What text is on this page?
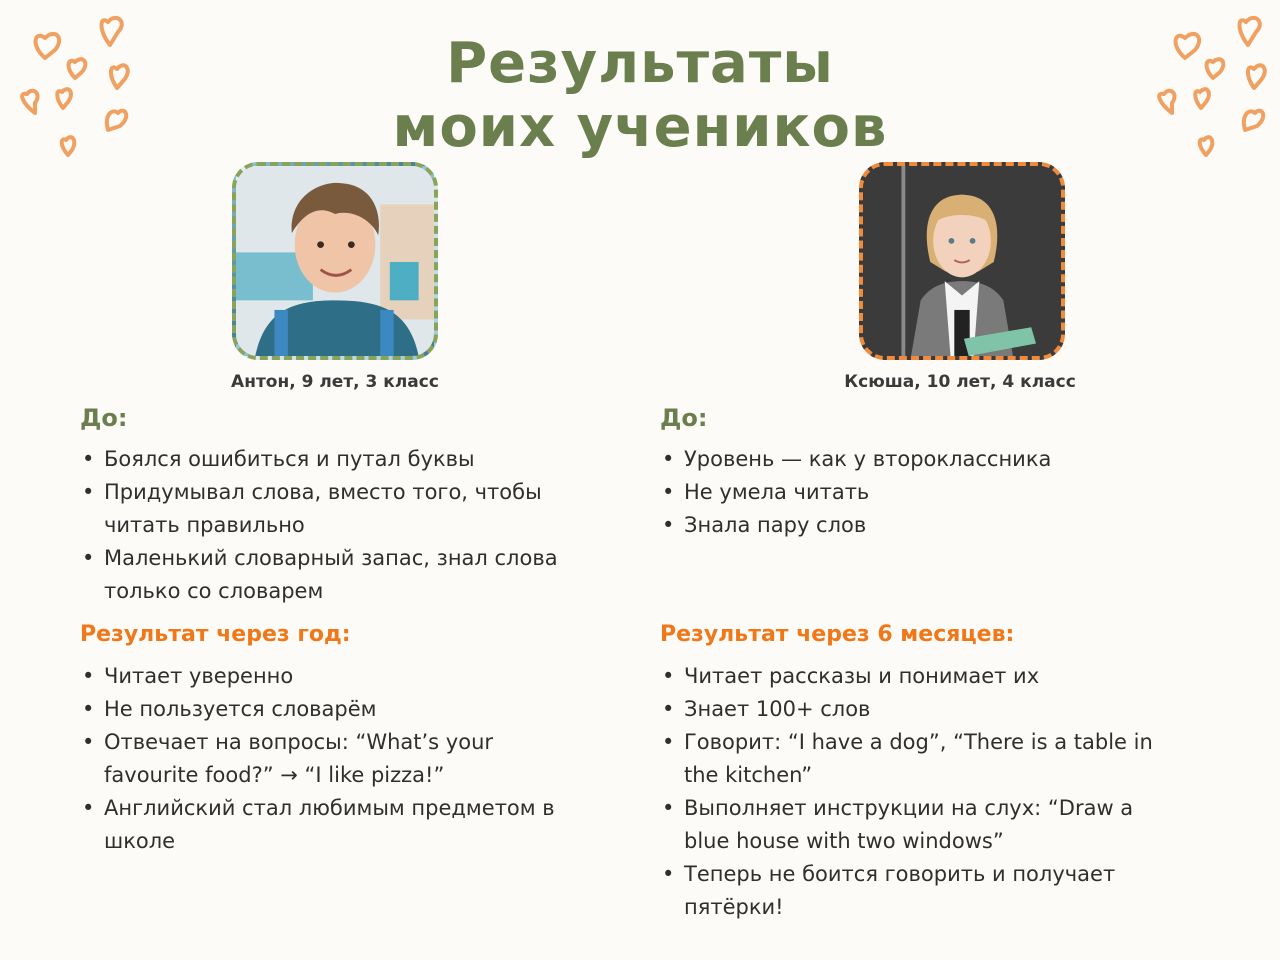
Результаты
моих учеников
Антон, 9 лет, 3 класс	Ксюша, 10 лет, 4 класс
До:
• Боялся ошибиться и путал буквы
• Придумывал слова, вместо того, чтобы читать правильно
• Маленький словарный запас, знал слова только со словарем
Результат через год:
• Читает уверенно
• Не пользуется словарём
• Отвечает на вопросы: “What’s your favourite food?” → “I like pizza!”
• Английский стал любимым предметом в школе
До:
• Уровень — как у второклассника
• Не умела читать
• Знала пару слов
Результат через 6 месяцев:
• Читает рассказы и понимает их
• Знает 100+ слов
• Говорит: “I have a dog”, “There is a table in the kitchen”
• Выполняет инструкции на слух: “Draw a blue house with two windows”
• Теперь не боится говорить и получает пятёрки!
